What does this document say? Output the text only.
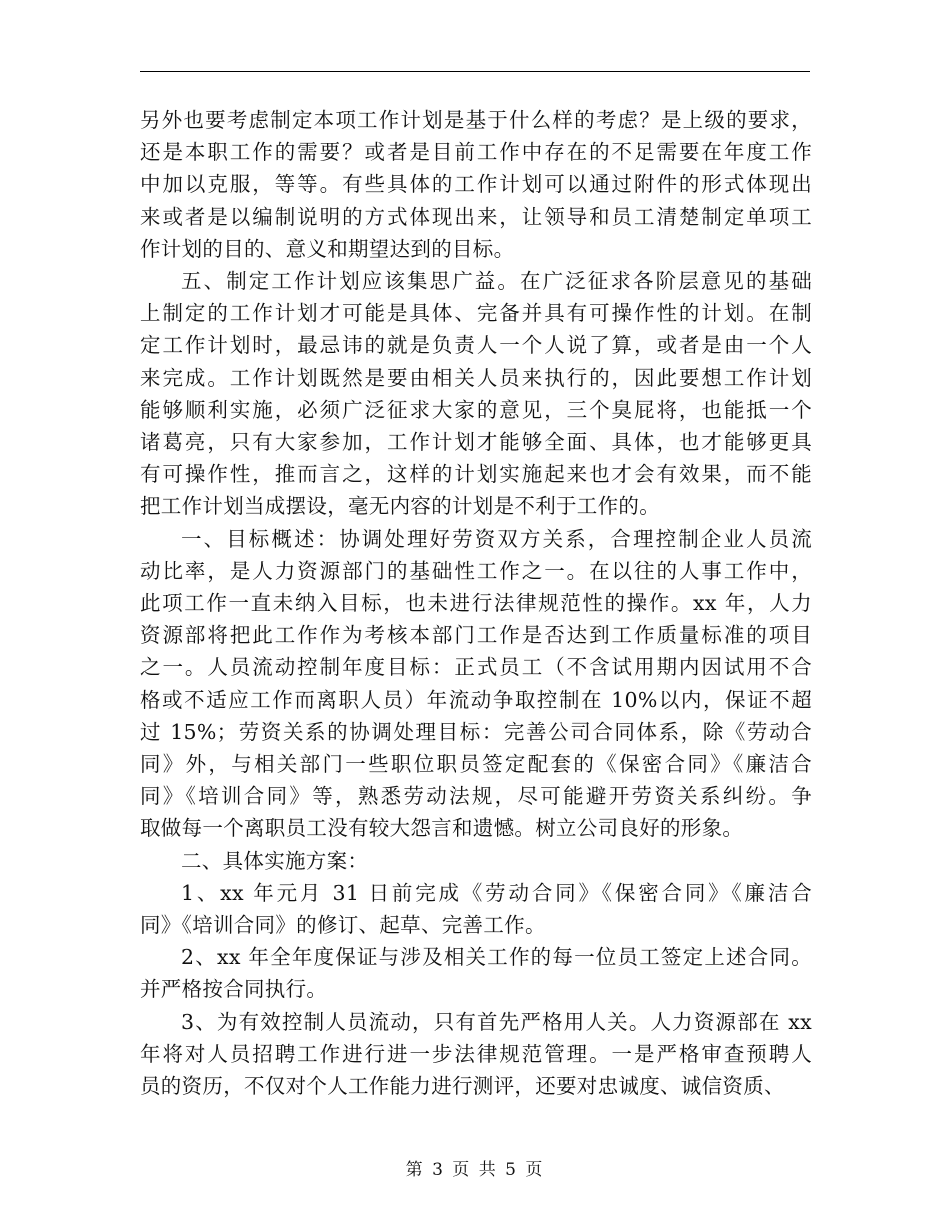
另外也要考虑制定本项工作计划是基于什么样的考虑？是上级的要求，
还是本职工作的需要？或者是目前工作中存在的不足需要在年度工作
中加以克服，等等。有些具体的工作计划可以通过附件的形式体现出
来或者是以编制说明的方式体现出来，让领导和员工清楚制定单项工
作计划的目的、意义和期望达到的目标。

五、制定工作计划应该集思广益。在广泛征求各阶层意见的基础
上制定的工作计划才可能是具体、完备并具有可操作性的计划。在制
定工作计划时，最忌讳的就是负责人一个人说了算，或者是由一个人
来完成。工作计划既然是要由相关人员来执行的，因此要想工作计划
能够顺利实施，必须广泛征求大家的意见，三个臭屁将，也能抵一个
诸葛亮，只有大家参加，工作计划才能够全面、具体，也才能够更具
有可操作性，推而言之，这样的计划实施起来也才会有效果，而不能
把工作计划当成摆设，毫无内容的计划是不利于工作的。

一、目标概述：协调处理好劳资双方关系，合理控制企业人员流
动比率，是人力资源部门的基础性工作之一。在以往的人事工作中，
此项工作一直未纳入目标，也未进行法律规范性的操作。xx 年，人力
资源部将把此工作作为考核本部门工作是否达到工作质量标准的项目
之一。人员流动控制年度目标：正式员工（不含试用期内因试用不合
格或不适应工作而离职人员）年流动争取控制在 10%以内，保证不超
过 15%；劳资关系的协调处理目标：完善公司合同体系，除《劳动合
同》外，与相关部门一些职位职员签定配套的《保密合同》《廉洁合
同》《培训合同》等，熟悉劳动法规，尽可能避开劳资关系纠纷。争
取做每一个离职员工没有较大怨言和遗憾。树立公司良好的形象。

二、具体实施方案：

1、xx 年元月 31 日前完成《劳动合同》《保密合同》《廉洁合
同》《培训合同》的修订、起草、完善工作。

2、xx 年全年度保证与涉及相关工作的每一位员工签定上述合同。
并严格按合同执行。

3、为有效控制人员流动，只有首先严格用人关。人力资源部在 xx
年将对人员招聘工作进行进一步法律规范管理。一是严格审查预聘人
员的资历，不仅对个人工作能力进行测评，还要对忠诚度、诚信资质、

第 3 页 共 5 页
